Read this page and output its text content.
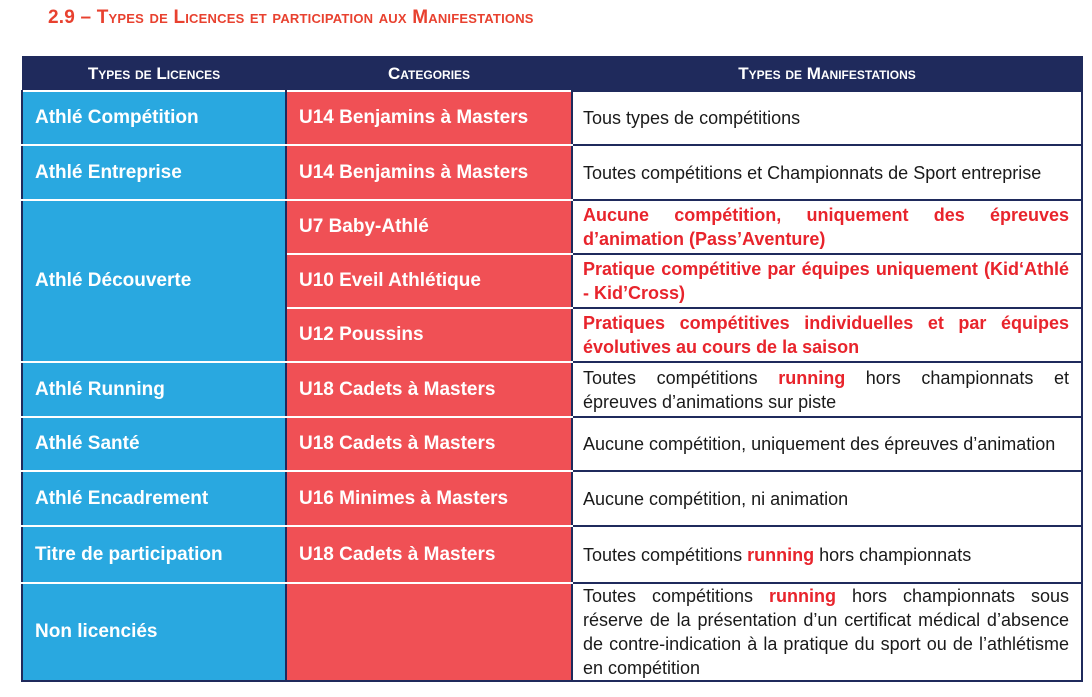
2.9 – Types de Licences et participation aux Manifestations
Types de Licences	Categories	Types de Manifestations
Athlé Compétition	U14 Benjamins à Masters	Tous types de compétitions
Athlé Entreprise	U14 Benjamins à Masters	Toutes compétitions et Championnats de Sport entreprise
Athlé Découverte	U7 Baby-Athlé	Aucune compétition, uniquement des épreuves d’animation (Pass’Aventure)
	U10 Eveil Athlétique	Pratique compétitive par équipes uniquement (Kid‘Athlé - Kid’Cross)
	U12 Poussins	Pratiques compétitives individuelles et par équipes évolutives au cours de la saison
Athlé Running	U18 Cadets à Masters	Toutes compétitions running hors championnats et épreuves d’animations sur piste
Athlé Santé	U18 Cadets à Masters	Aucune compétition, uniquement des épreuves d’animation
Athlé Encadrement	U16 Minimes à Masters	Aucune compétition, ni animation
Titre de participation	U18 Cadets à Masters	Toutes compétitions running hors championnats
Non licenciés		Toutes compétitions running hors championnats sous réserve de la présentation d’un certificat médical d’absence de contre-indication à la pratique du sport ou de l’athlétisme en compétition
